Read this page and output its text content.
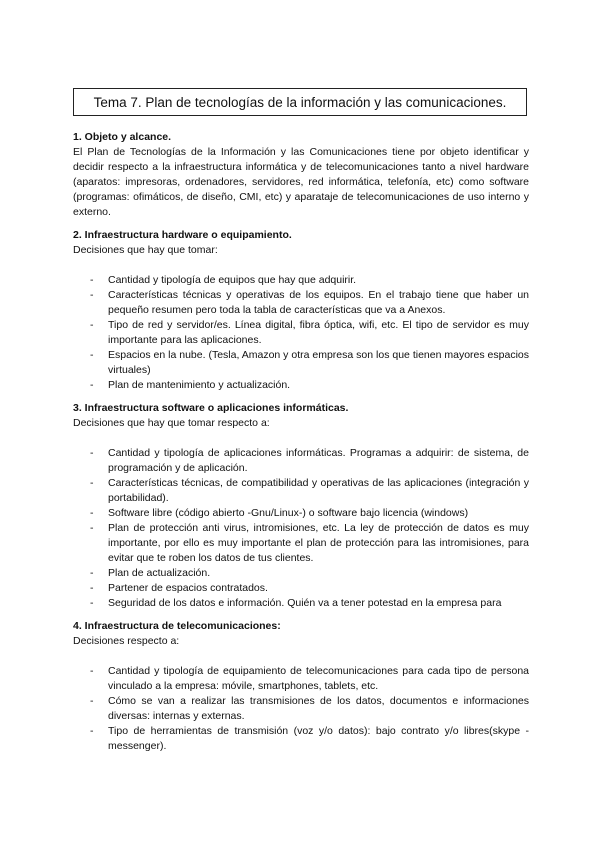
Tema 7. Plan de tecnologías de la información y las comunicaciones.
1. Objeto y alcance.
El Plan de Tecnologías de la Información y las Comunicaciones tiene por objeto identificar y decidir respecto a la infraestructura informática y de telecomunicaciones tanto a nivel hardware (aparatos: impresoras, ordenadores, servidores, red informática, telefonía, etc) como software (programas: ofimáticos, de diseño, CMI, etc) y aparataje de telecomunicaciones de uso interno y externo.
2. Infraestructura hardware o equipamiento.
Decisiones que hay que tomar:
- Cantidad y tipología de equipos que hay que adquirir.
- Características técnicas y operativas de los equipos. En el trabajo tiene que haber un pequeño resumen pero toda la tabla de características que va a Anexos.
- Tipo de red y servidor/es. Línea digital, fibra óptica, wifi, etc. El tipo de servidor es muy importante para las aplicaciones.
- Espacios en la nube. (Tesla, Amazon y otra empresa son los que tienen mayores espacios virtuales)
- Plan de mantenimiento y actualización.
3. Infraestructura software o aplicaciones informáticas.
Decisiones que hay que tomar respecto a:
- Cantidad y tipología de aplicaciones informáticas. Programas a adquirir: de sistema, de programación y de aplicación.
- Características técnicas, de compatibilidad y operativas de las aplicaciones (integración y portabilidad).
- Software libre (código abierto -Gnu/Linux-) o software bajo licencia (windows)
- Plan de protección anti virus, intromisiones, etc. La ley de protección de datos es muy importante, por ello es muy importante el plan de protección para las intromisiones, para evitar que te roben los datos de tus clientes.
- Plan de actualización.
- Partener de espacios contratados.
- Seguridad de los datos e información. Quién va a tener potestad en la empresa para
4. Infraestructura de telecomunicaciones:
Decisiones respecto a:
- Cantidad y tipología de equipamiento de telecomunicaciones para cada tipo de persona vinculado a la empresa: móvile, smartphones, tablets, etc.
- Cómo se van a realizar las transmisiones de los datos, documentos e informaciones diversas: internas y externas.
- Tipo de herramientas de transmisión (voz y/o datos): bajo contrato y/o libres(skype - messenger).
